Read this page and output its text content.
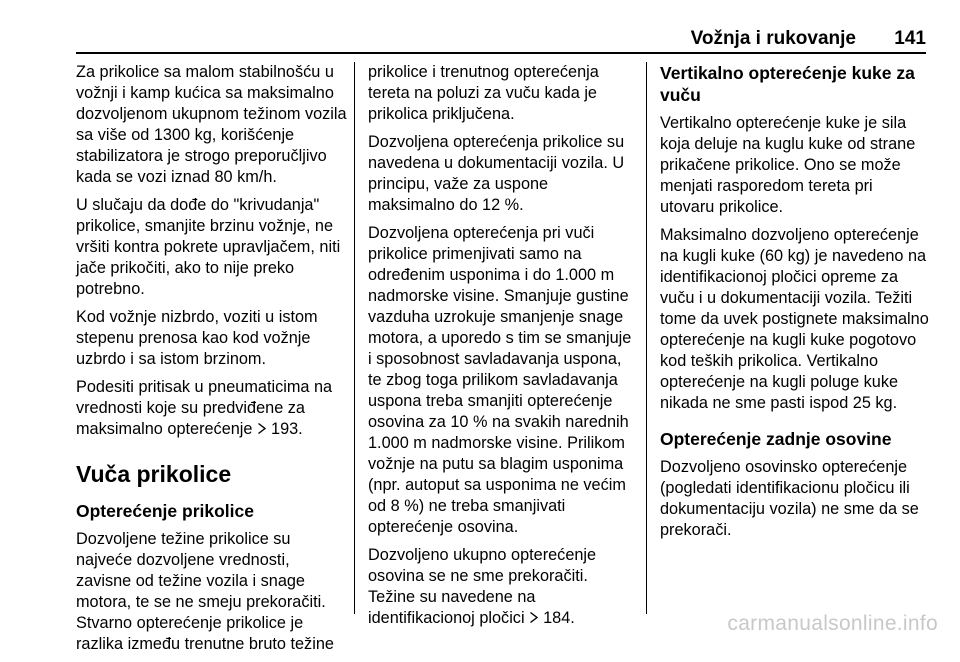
Vožnja i rukovanje 141

Za prikolice sa malom stabilnošću u vožnji i kamp kućica sa maksimalno dozvoljenom ukupnom težinom vozila sa više od 1300 kg, korišćenje stabilizatora je strogo preporučljivo kada se vozi iznad 80 km/h.

U slučaju da dođe do "krivudanja" prikolice, smanjite brzinu vožnje, ne vršiti kontra pokrete upravljačem, niti jače prikočiti, ako to nije preko potrebno.

Kod vožnje nizbrdo, voziti u istom stepenu prenosa kao kod vožnje uzbrdo i sa istom brzinom.

Podesiti pritisak u pneumaticima na vrednosti koje su predviđene za maksimalno opterećenje 193.

Vuča prikolice
Opterećenje prikolice

Dozvoljene težine prikolice su najveće dozvoljene vrednosti, zavisne od težine vozila i snage motora, te se ne smeju prekoračiti. Stvarno opterećenje prikolice je razlika između trenutne bruto težine

prikolice i trenutnog opterećenja tereta na poluzi za vuču kada je prikolica priključena.

Dozvoljena opterećenja prikolice su navedena u dokumentaciji vozila. U principu, važe za uspone maksimalno do 12 %.

Dozvoljena opterećenja pri vuči prikolice primenjivati samo na određenim usponima i do 1.000 m nadmorske visine. Smanjuje gustine vazduha uzrokuje smanjenje snage motora, a uporedo s tim se smanjuje i sposobnost savladavanja uspona, te zbog toga prilikom savladavanja uspona treba smanjiti opterećenje osovina za 10 % na svakih narednih 1.000 m nadmorske visine. Prilikom vožnje na putu sa blagim usponima (npr. autoput sa usponima ne većim od 8 %) ne treba smanjivati opterećenje osovina.

Dozvoljeno ukupno opterećenje osovina se ne sme prekoračiti. Težine su navedene na identifikacionoj pločici 184.

Vertikalno opterećenje kuke za vuču

Vertikalno opterećenje kuke je sila koja deluje na kuglu kuke od strane prikačene prikolice. Ono se može menjati rasporedom tereta pri utovaru prikolice.

Maksimalno dozvoljeno opterećenje na kugli kuke (60 kg) je navedeno na identifikacionoj pločici opreme za vuču i u dokumentaciji vozila. Težiti tome da uvek postignete maksimalno opterećenje na kugli kuke pogotovo kod teških prikolica. Vertikalno opterećenje na kugli poluge kuke nikada ne sme pasti ispod 25 kg.

Opterećenje zadnje osovine

Dozvoljeno osovinsko opterećenje (pogledati identifikacionu pločicu ili dokumentaciju vozila) ne sme da se prekorači.

carmanualsonline.info
